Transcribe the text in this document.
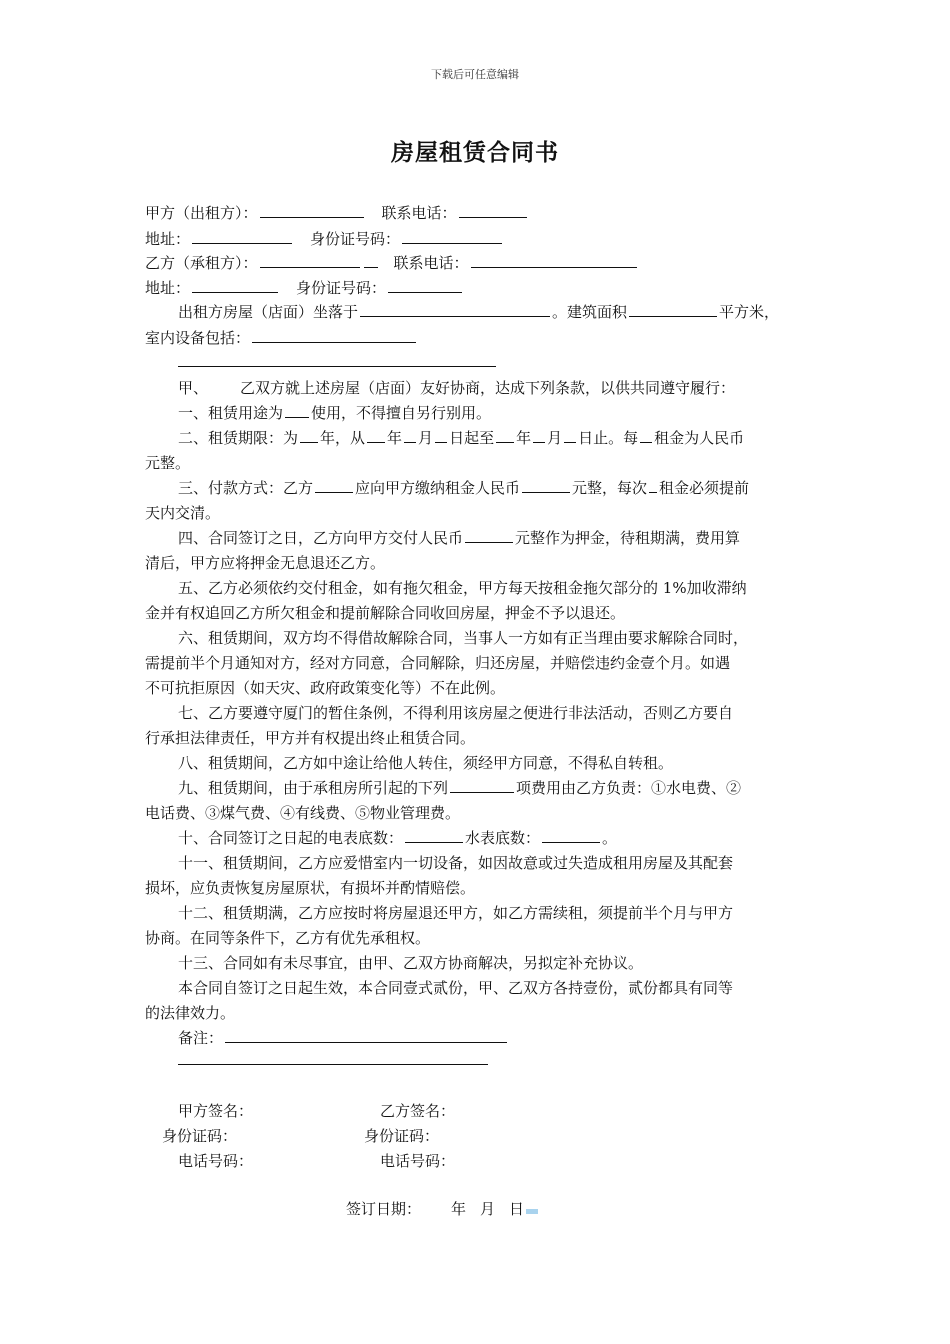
下载后可任意编辑
房屋租赁合同书
甲方（出租方）：	联系电话：
地址：	身份证号码：
乙方（承租方）：	联系电话：
地址：	身份证号码：
出租方房屋（店面）坐落于	。建筑面积	平方米，
室内设备包括：
甲、 乙双方就上述房屋（店面）友好协商，达成下列条款，以供共同遵守履行：
一、租赁用途为 使用，不得擅自另行别用。
二、租赁期限：为 年，从 年 月 日起至 年 月 日止。每 租金为人民币
元整。
三、付款方式：乙方	应向甲方缴纳租金人民币	元整，每次 租金必须提前
天内交清。
四、合同签订之日，乙方向甲方交付人民币	元整作为押金，待租期满，费用算
清后，甲方应将押金无息退还乙方。
五、乙方必须依约交付租金，如有拖欠租金，甲方每天按租金拖欠部分的 1%加收滞纳
金并有权追回乙方所欠租金和提前解除合同收回房屋，押金不予以退还。
六、租赁期间，双方均不得借故解除合同，当事人一方如有正当理由要求解除合同时，
需提前半个月通知对方，经对方同意，合同解除，归还房屋，并赔偿违约金壹个月。如遇
不可抗拒原因（如天灾、政府政策变化等）不在此例。
七、乙方要遵守厦门的暂住条例，不得利用该房屋之便进行非法活动，否则乙方要自
行承担法律责任，甲方并有权提出终止租赁合同。
八、租赁期间，乙方如中途让给他人转住，须经甲方同意，不得私自转租。
九、租赁期间，由于承租房所引起的下列	项费用由乙方负责：①水电费、②
电话费、③煤气费、④有线费、⑤物业管理费。
十、合同签订之日起的电表底数：	水表底数：	。
十一、租赁期间，乙方应爱惜室内一切设备，如因故意或过失造成租用房屋及其配套
损坏，应负责恢复房屋原状，有损坏并酌情赔偿。
十二、租赁期满，乙方应按时将房屋退还甲方，如乙方需续租，须提前半个月与甲方
协商。在同等条件下，乙方有优先承租权。
十三、合同如有未尽事宜，由甲、乙双方协商解决，另拟定补充协议。
本合同自签订之日起生效，本合同壹式贰份，甲、乙双方各持壹份，贰份都具有同等
的法律效力。
备注：
甲方签名：	乙方签名：
身份证码：	身份证码：
电话号码：	电话号码：
签订日期： 年 月 日
